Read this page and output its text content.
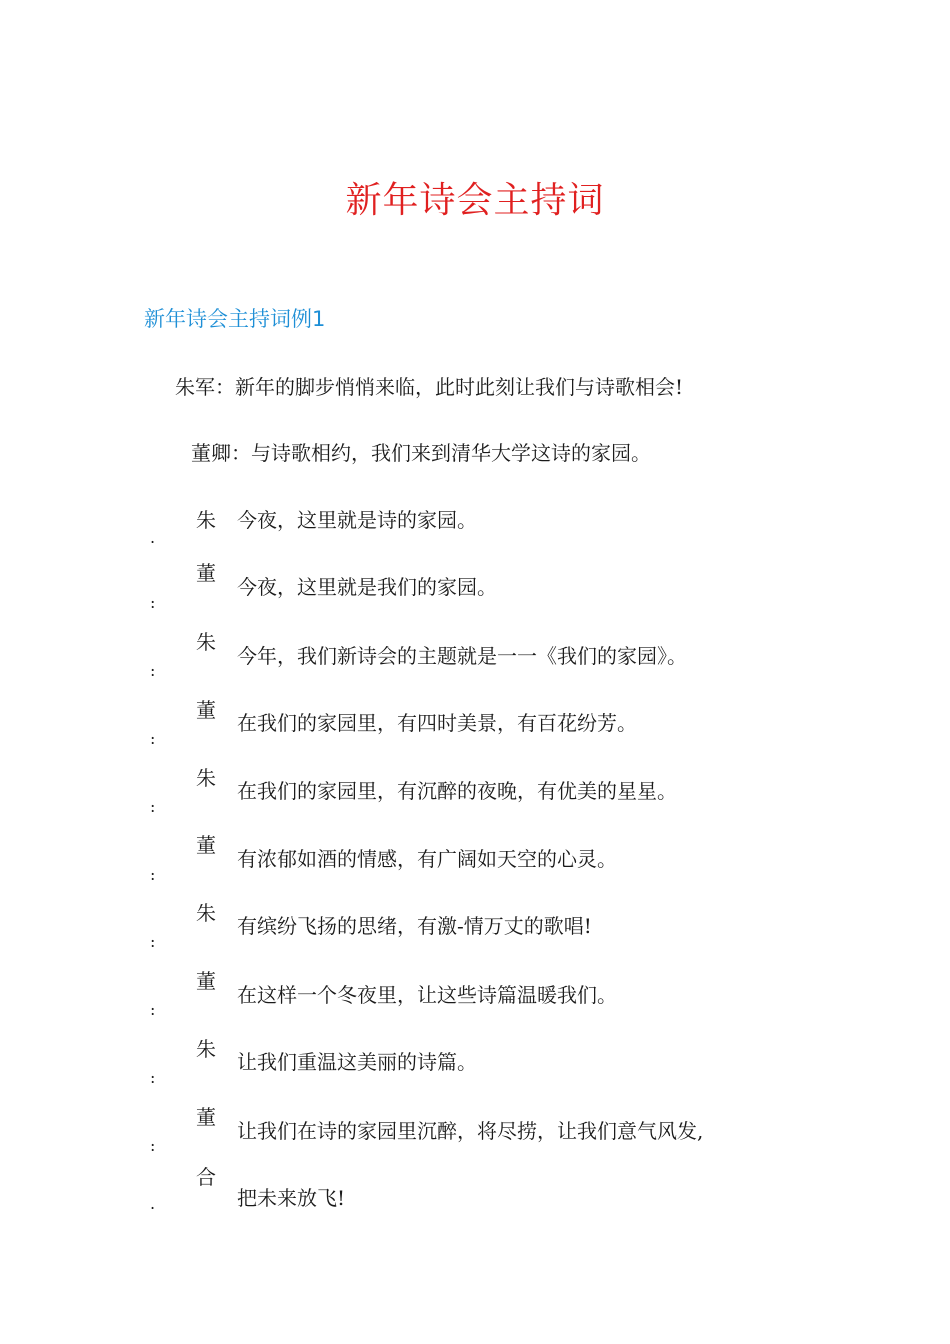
新年诗会主持词
新年诗会主持词例1
朱军：新年的脚步悄悄来临，此时此刻让我们与诗歌相会!
董卿：与诗歌相约，我们来到清华大学这诗的家园。
朱
.
今夜，这里就是诗的家园。
董
:
今夜，这里就是我们的家园。
朱
:
今年，我们新诗会的主题就是一一《我们的家园》。
董
:
在我们的家园里，有四时美景，有百花纷芳。
朱
:
在我们的家园里，有沉醉的夜晚，有优美的星星。
董
:
有浓郁如酒的情感，有广阔如天空的心灵。
朱
:
有缤纷飞扬的思绪，有激-情万丈的歌唱!
董
:
在这样一个冬夜里，让这些诗篇温暖我们。
朱
:
让我们重温这美丽的诗篇。
董
:
让我们在诗的家园里沉醉，将尽捞，让我们意气风发,
合
.	把未来放飞!
